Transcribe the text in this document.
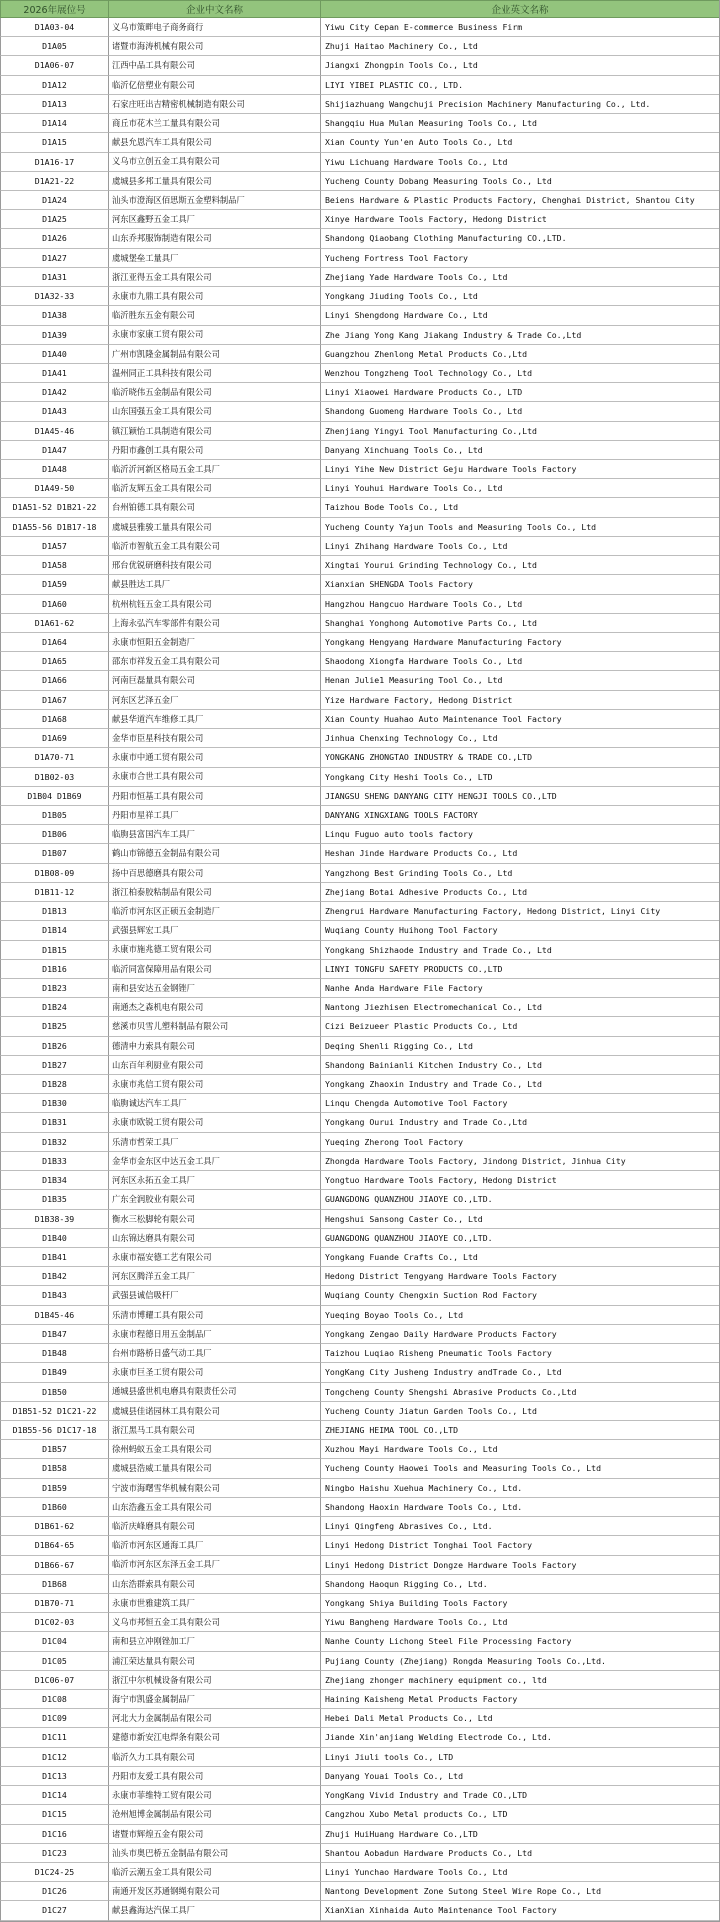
2026年展位号	企业中文名称	企业英文名称
D1A03-04	义乌市策畔电子商务商行	Yiwu City Cepan E-commerce Business Firm
D1A05	诸暨市海涛机械有限公司	Zhuji Haitao Machinery Co., Ltd
D1A06-07	江西中品工具有限公司	Jiangxi Zhongpin Tools Co., Ltd
D1A12	临沂亿倍塑业有限公司	LIYI YIBEI PLASTIC CO., LTD.
D1A13	石家庄旺出吉精密机械制造有限公司	Shijiazhuang Wangchuji Precision Machinery Manufacturing Co., Ltd.
D1A14	商丘市花木兰工量具有限公司	Shangqiu Hua Mulan Measuring Tools Co., Ltd
D1A15	献县允恩汽车工具有限公司	Xian County Yun'en Auto Tools Co., Ltd
D1A16-17	义乌市立创五金工具有限公司	Yiwu Lichuang Hardware Tools Co., Ltd
D1A21-22	虞城县多邦工量具有限公司	Yucheng County Dobang Measuring Tools Co., Ltd
D1A24	汕头市澄海区佰思斯五金塑料制品厂	Beiens Hardware & Plastic Products Factory, Chenghai District, Shantou City
D1A25	河东区鑫野五金工具厂	Xinye Hardware Tools Factory, Hedong District
D1A26	山东乔邦服饰制造有限公司	Shandong Qiaobang Clothing Manufacturing CO.,LTD.
D1A27	虞城堡垒工量具厂	Yucheng Fortress Tool Factory
D1A31	浙江亚得五金工具有限公司	Zhejiang Yade Hardware Tools Co., Ltd
D1A32-33	永康市九鼎工具有限公司	Yongkang Jiuding Tools Co., Ltd
D1A38	临沂胜东五金有限公司	Linyi Shengdong Hardware Co., Ltd
D1A39	永康市家康工贸有限公司	Zhe Jiang Yong Kang Jiakang Industry & Trade Co.,Ltd
D1A40	广州市凯隆金属制品有限公司	Guangzhou Zhenlong Metal Products Co.,Ltd
D1A41	温州同正工具科技有限公司	Wenzhou Tongzheng Tool Technology Co., Ltd
D1A42	临沂晓伟五金制品有限公司	Linyi Xiaowei Hardware Products Co., LTD
D1A43	山东国强五金工具有限公司	Shandong Guomeng Hardware Tools Co., Ltd
D1A45-46	镇江颖怡工具制造有限公司	Zhenjiang Yingyi Tool Manufacturing Co.,Ltd
D1A47	丹阳市鑫创工具有限公司	Danyang Xinchuang Tools Co., Ltd
D1A48	临沂沂河新区格局五金工具厂	Linyi Yihe New District Geju Hardware Tools Factory
D1A49-50	临沂友辉五金工具有限公司	Linyi Youhui Hardware Tools Co., Ltd
D1A51-52 D1B21-22	台州铂德工具有限公司	Taizhou Bode Tools Co., Ltd
D1A55-56 D1B17-18	虞城县雅骏工量具有限公司	Yucheng County Yajun Tools and Measuring Tools Co., Ltd
D1A57	临沂市智航五金工具有限公司	Linyi Zhihang Hardware Tools Co., Ltd
D1A58	邢台优锐研磨科技有限公司	Xingtai Yourui Grinding Technology Co., Ltd
D1A59	献县胜达工具厂	Xianxian SHENGDA Tools Factory
D1A60	杭州杭钰五金工具有限公司	Hangzhou Hangcuo Hardware Tools Co., Ltd
D1A61-62	上海永弘汽车零部件有限公司	Shanghai Yonghong Automotive Parts Co., Ltd
D1A64	永康市恒阳五金制造厂	Yongkang Hengyang Hardware Manufacturing Factory
D1A65	邵东市祥发五金工具有限公司	Shaodong Xiongfa Hardware Tools Co., Ltd
D1A66	河南巨磊量具有限公司	Henan Julie1 Measuring Tool Co., Ltd
D1A67	河东区艺泽五金厂	Yize Hardware Factory, Hedong District
D1A68	献县华道汽车维修工具厂	Xian County Huahao Auto Maintenance Tool Factory
D1A69	金华市臣星科技有限公司	Jinhua Chenxing Technology Co., Ltd
D1A70-71	永康市中通工贸有限公司	YONGKANG ZHONGTAO INDUSTRY & TRADE CO.,LTD
D1B02-03	永康市合世工具有限公司	Yongkang City Heshi Tools Co., LTD
D1B04 D1B69	丹阳市恒基工具有限公司	JIANGSU SHENG DANYANG CITY HENGJI TOOLS CO.,LTD
D1B05	丹阳市星祥工具厂	DANYANG XINGXIANG TOOLS FACTORY
D1B06	临朐县富国汽车工具厂	Linqu Fuguo auto tools factory
D1B07	鹤山市锦德五金制品有限公司	Heshan Jinde Hardware Products Co., Ltd
D1B08-09	扬中百思德磨具有限公司	Yangzhong Best Grinding Tools Co., Ltd
D1B11-12	浙江柏泰胶粘制品有限公司	Zhejiang Botai Adhesive Products Co., Ltd
D1B13	临沂市河东区正硕五金制造厂	Zhengrui Hardware Manufacturing Factory, Hedong District, Linyi City
D1B14	武强县辉宏工具厂	Wuqiang County Huihong Tool Factory
D1B15	永康市施兆德工贸有限公司	Yongkang Shizhaode Industry and Trade Co., Ltd
D1B16	临沂同富保障用品有限公司	LINYI TONGFU SAFETY PRODUCTS CO.,LTD
D1B23	南和县安达五金钢锉厂	Nanhe Anda Hardware File Factory
D1B24	南通杰之森机电有限公司	Nantong Jiezhisen Electromechanical Co., Ltd
D1B25	慈溪市贝雪儿塑料制品有限公司	Cizi Beizueer Plastic Products Co., Ltd
D1B26	德清申力索具有限公司	Deqing Shenli Rigging Co., Ltd
D1B27	山东百年利厨业有限公司	Shandong Bainianli Kitchen Industry Co., Ltd
D1B28	永康市兆信工贸有限公司	Yongkang Zhaoxin Industry and Trade Co., Ltd
D1B30	临朐诚达汽车工具厂	Linqu Chengda Automotive Tool Factory
D1B31	永康市欧锐工贸有限公司	Yongkang Ourui Industry and Trade Co.,Ltd
D1B32	乐清市哲荣工具厂	Yueqing Zherong Tool Factory
D1B33	金华市金东区中达五金工具厂	Zhongda Hardware Tools Factory, Jindong District, Jinhua City
D1B34	河东区永拓五金工具厂	Yongtuo Hardware Tools Factory, Hedong District
D1B35	广东全润胶业有限公司	GUANGDONG QUANZHOU JIAOYE CO.,LTD.
D1B38-39	衡水三松脚轮有限公司	Hengshui Sansong Caster Co., Ltd
D1B40	山东锦达磨具有限公司	GUANGDONG QUANZHOU JIAOYE CO.,LTD.
D1B41	永康市福安德工艺有限公司	Yongkang Fuande Crafts Co., Ltd
D1B42	河东区腾洋五金工具厂	Hedong District Tengyang Hardware Tools Factory
D1B43	武强县诚信吸杆厂	Wuqiang County Chengxin Suction Rod Factory
D1B45-46	乐清市博耀工具有限公司	Yueqing Boyao Tools Co., Ltd
D1B47	永康市程德日用五金制品厂	Yongkang Zengao Daily Hardware Products Factory
D1B48	台州市路桥日盛气动工具厂	Taizhou Luqiao Risheng Pneumatic Tools Factory
D1B49	永康市巨圣工贸有限公司	YongKang City Jusheng Industry andTrade Co., Ltd
D1B50	通城县盛世机电磨具有限责任公司	Tongcheng County Shengshi Abrasive Products Co.,Ltd
D1B51-52 D1C21-22	虞城县佳诺园林工具有限公司	Yucheng County Jiatun Garden Tools Co., Ltd
D1B55-56 D1C17-18	浙江黑马工具有限公司	ZHEJIANG HEIMA TOOL CO.,LTD
D1B57	徐州蚂蚁五金工具有限公司	Xuzhou Mayi Hardware Tools Co., Ltd
D1B58	虞城县浩威工量具有限公司	Yucheng County Haowei Tools and Measuring Tools Co., Ltd
D1B59	宁波市海曙雪华机械有限公司	Ningbo Haishu Xuehua Machinery Co., Ltd.
D1B60	山东浩鑫五金工具有限公司	Shandong Haoxin Hardware Tools Co., Ltd.
D1B61-62	临沂庆峰磨具有限公司	Linyi Qingfeng Abrasives Co., Ltd.
D1B64-65	临沂市河东区通海工具厂	Linyi Hedong District Tonghai Tool Factory
D1B66-67	临沂市河东区东泽五金工具厂	Linyi Hedong District Dongze Hardware Tools Factory
D1B68	山东浩群索具有限公司	Shandong Haoqun Rigging Co., Ltd.
D1B70-71	永康市世雅建筑工具厂	Yongkang Shiya Building Tools Factory
D1C02-03	义乌市邦恒五金工具有限公司	Yiwu Bangheng Hardware Tools Co., Ltd
D1C04	南和县立冲刚锉加工厂	Nanhe County Lichong Steel File Processing Factory
D1C05	浦江荣达量具有限公司	Pujiang County (Zhejiang) Rongda Measuring Tools Co.,Ltd.
D1C06-07	浙江中尔机械设备有限公司	Zhejiang zhonger machinery equipment co., ltd
D1C08	海宁市凯盛金属制品厂	Haining Kaisheng Metal Products Factory
D1C09	河北大力金属制品有限公司	Hebei Dali Metal Products Co., Ltd
D1C11	建德市新安江电焊条有限公司	Jiande Xin'anjiang Welding Electrode Co., Ltd.
D1C12	临沂久力工具有限公司	Linyi Jiuli tools Co., LTD
D1C13	丹阳市友爱工具有限公司	Danyang Youai Tools Co., Ltd
D1C14	永康市菲维特工贸有限公司	YongKang Vivid Industry and Trade CO.,LTD
D1C15	沧州旭博金属制品有限公司	Cangzhou Xubo Metal products Co., LTD
D1C16	诸暨市辉煌五金有限公司	Zhuji HuiHuang Hardware Co.,LTD
D1C23	汕头市奥巴桥五金制品有限公司	Shantou Aobadun Hardware Products Co., Ltd
D1C24-25	临沂云潮五金工具有限公司	Linyi Yunchao Hardware Tools Co., Ltd
D1C26	南通开发区苏通钢绳有限公司	Nantong Development Zone Sutong Steel Wire Rope Co., Ltd
D1C27	献县鑫海达汽保工具厂	XianXian Xinhaida Auto Maintenance Tool Factory
